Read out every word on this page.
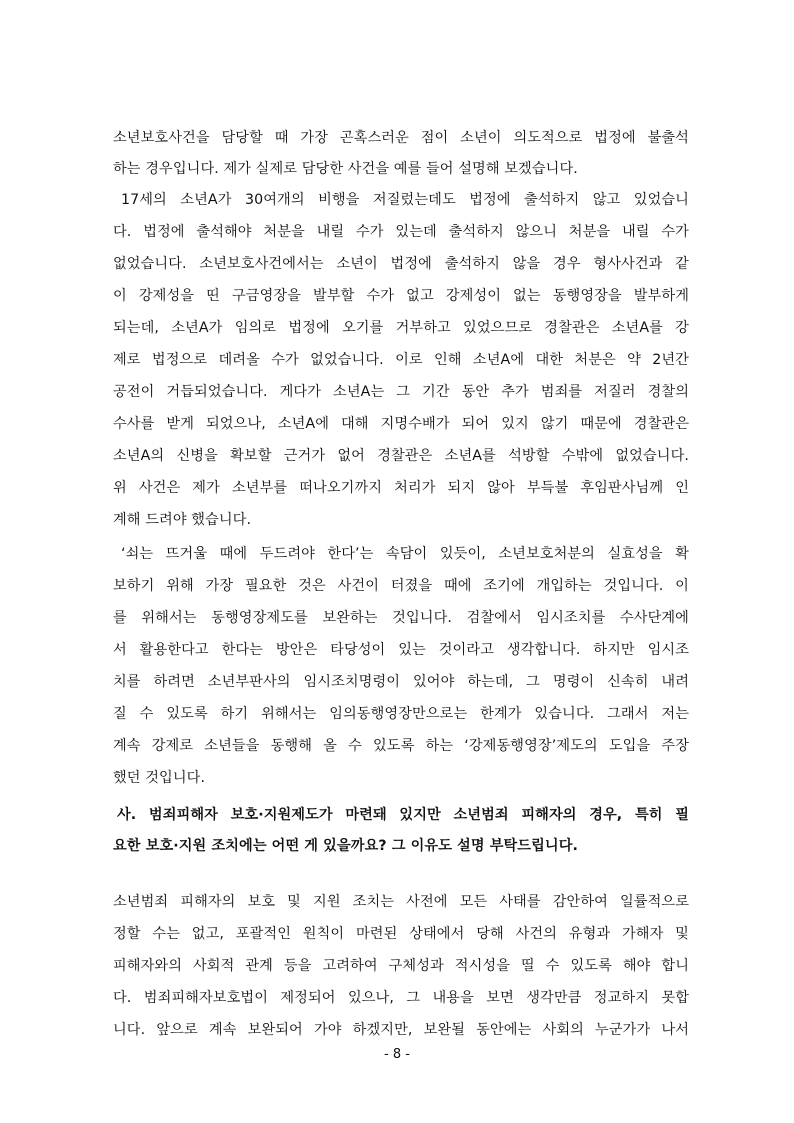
소년보호사건을 담당할 때 가장 곤혹스러운 점이 소년이 의도적으로 법정에 불출석
하는 경우입니다. 제가 실제로 담당한 사건을 예를 들어 설명해 보겠습니다.
17세의 소년A가 30여개의 비행을 저질렀는데도 법정에 출석하지 않고 있었습니
다. 법정에 출석해야 처분을 내릴 수가 있는데 출석하지 않으니 처분을 내릴 수가
없었습니다. 소년보호사건에서는 소년이 법정에 출석하지 않을 경우 형사사건과 같
이 강제성을 띤 구금영장을 발부할 수가 없고 강제성이 없는 동행영장을 발부하게
되는데, 소년A가 임의로 법정에 오기를 거부하고 있었으므로 경찰관은 소년A를 강
제로 법정으로 데려올 수가 없었습니다. 이로 인해 소년A에 대한 처분은 약 2년간
공전이 거듭되었습니다. 게다가 소년A는 그 기간 동안 추가 범죄를 저질러 경찰의
수사를 받게 되었으나, 소년A에 대해 지명수배가 되어 있지 않기 때문에 경찰관은
소년A의 신병을 확보할 근거가 없어 경찰관은 소년A를 석방할 수밖에 없었습니다.
위 사건은 제가 소년부를 떠나오기까지 처리가 되지 않아 부득불 후임판사님께 인
계해 드려야 했습니다.
‘쇠는 뜨거울 때에 두드려야 한다’는 속담이 있듯이, 소년보호처분의 실효성을 확
보하기 위해 가장 필요한 것은 사건이 터졌을 때에 조기에 개입하는 것입니다. 이
를 위해서는 동행영장제도를 보완하는 것입니다. 검찰에서 임시조치를 수사단계에
서 활용한다고 한다는 방안은 타당성이 있는 것이라고 생각합니다. 하지만 임시조
치를 하려면 소년부판사의 임시조치명령이 있어야 하는데, 그 명령이 신속히 내려
질 수 있도록 하기 위해서는 임의동행영장만으로는 한계가 있습니다. 그래서 저는
계속 강제로 소년들을 동행해 올 수 있도록 하는 ‘강제동행영장’제도의 도입을 주장
했던 것입니다.
사. 범죄피해자 보호·지원제도가 마련돼 있지만 소년범죄 피해자의 경우, 특히 필
요한 보호·지원 조치에는 어떤 게 있을까요? 그 이유도 설명 부탁드립니다.
소년범죄 피해자의 보호 및 지원 조치는 사전에 모든 사태를 감안하여 일률적으로
정할 수는 없고, 포괄적인 원칙이 마련된 상태에서 당해 사건의 유형과 가해자 및
피해자와의 사회적 관계 등을 고려하여 구체성과 적시성을 띨 수 있도록 해야 합니
다. 범죄피해자보호법이 제정되어 있으나, 그 내용을 보면 생각만큼 정교하지 못합
니다. 앞으로 계속 보완되어 가야 하겠지만, 보완될 동안에는 사회의 누군가가 나서
- 8 -
